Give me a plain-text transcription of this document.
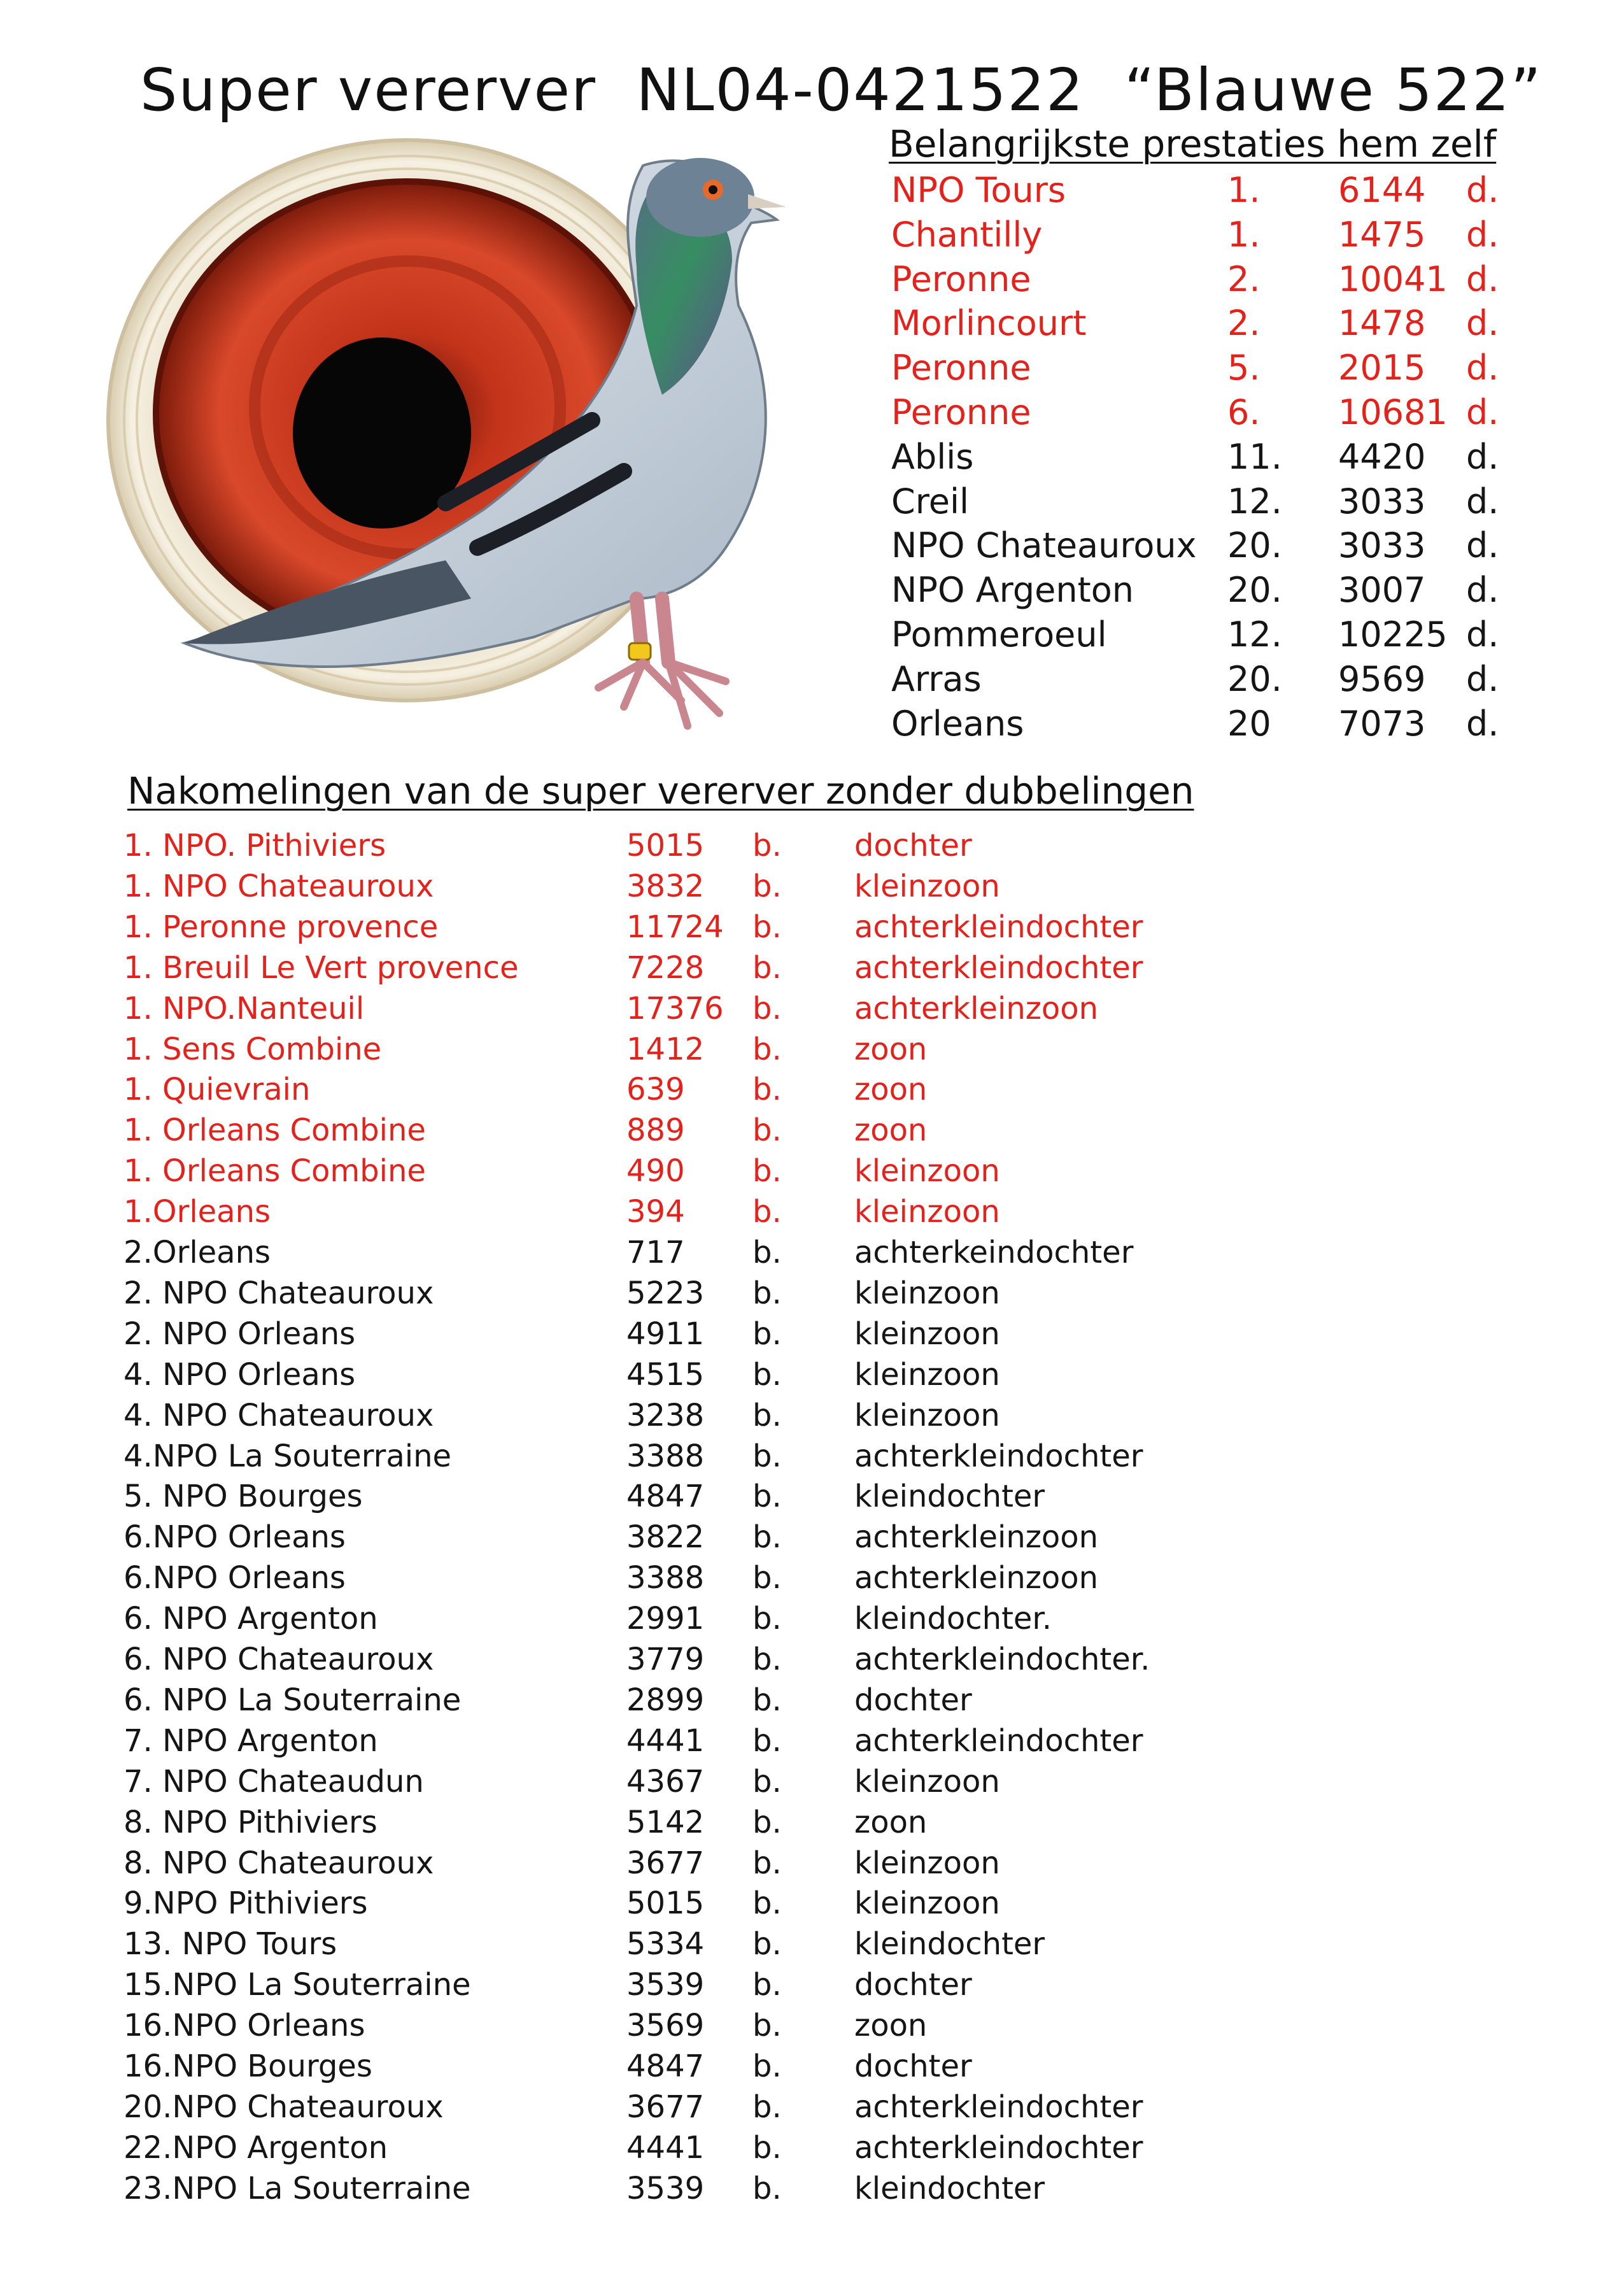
Super vererver  NL04-0421522  “Blauwe 522”
Belangrijkste prestaties hem zelf
NPO Tours	1. 6144 d.
Chantilly	1. 1475 d.
Peronne	2. 10041 d.
Morlincourt	2. 1478 d.
Peronne	5. 2015 d.
Peronne	6. 10681 d.
Ablis	11. 4420 d.
Creil	12. 3033 d.
NPO Chateauroux 20. 3033 d.
NPO Argenton	20. 3007 d.
Pommeroeul	12. 10225 d.
Arras	20. 9569 d.
Orleans	20 7073 d.
Nakomelingen van de super vererver zonder dubbelingen
1. NPO. Pithiviers	5015 b. dochter
1. NPO Chateauroux	3832 b. kleinzoon
1. Peronne provence	11724 b. achterkleindochter
1. Breuil Le Vert provence	7228 b. achterkleindochter
1. NPO.Nanteuil	17376 b. achterkleinzoon
1. Sens Combine	1412 b. zoon
1. Quievrain	639 b. zoon
1. Orleans Combine	889 b. zoon
1. Orleans Combine	490 b. kleinzoon
1.Orleans	394 b. kleinzoon
2.Orleans	717 b. achterkeindochter
2. NPO Chateauroux	5223 b. kleinzoon
2. NPO Orleans	4911 b. kleinzoon
4. NPO Orleans	4515 b. kleinzoon
4. NPO Chateauroux	3238 b. kleinzoon
4.NPO La Souterraine	3388 b. achterkleindochter
5. NPO Bourges	4847 b. kleindochter
6.NPO Orleans	3822 b. achterkleinzoon
6.NPO Orleans	3388 b. achterkleinzoon
6. NPO Argenton	2991 b. kleindochter.
6. NPO Chateauroux	3779 b. achterkleindochter.
6. NPO La Souterraine	2899 b. dochter
7. NPO Argenton	4441 b. achterkleindochter
7. NPO Chateaudun	4367 b. kleinzoon
8. NPO Pithiviers	5142 b. zoon
8. NPO Chateauroux	3677 b. kleinzoon
9.NPO Pithiviers	5015 b. kleinzoon
13. NPO Tours	5334 b. kleindochter
15.NPO La Souterraine	3539 b. dochter
16.NPO Orleans	3569 b. zoon
16.NPO Bourges	4847 b. dochter
20.NPO Chateauroux	3677 b. achterkleindochter
22.NPO Argenton	4441 b. achterkleindochter
23.NPO La Souterraine	3539 b. kleindochter
